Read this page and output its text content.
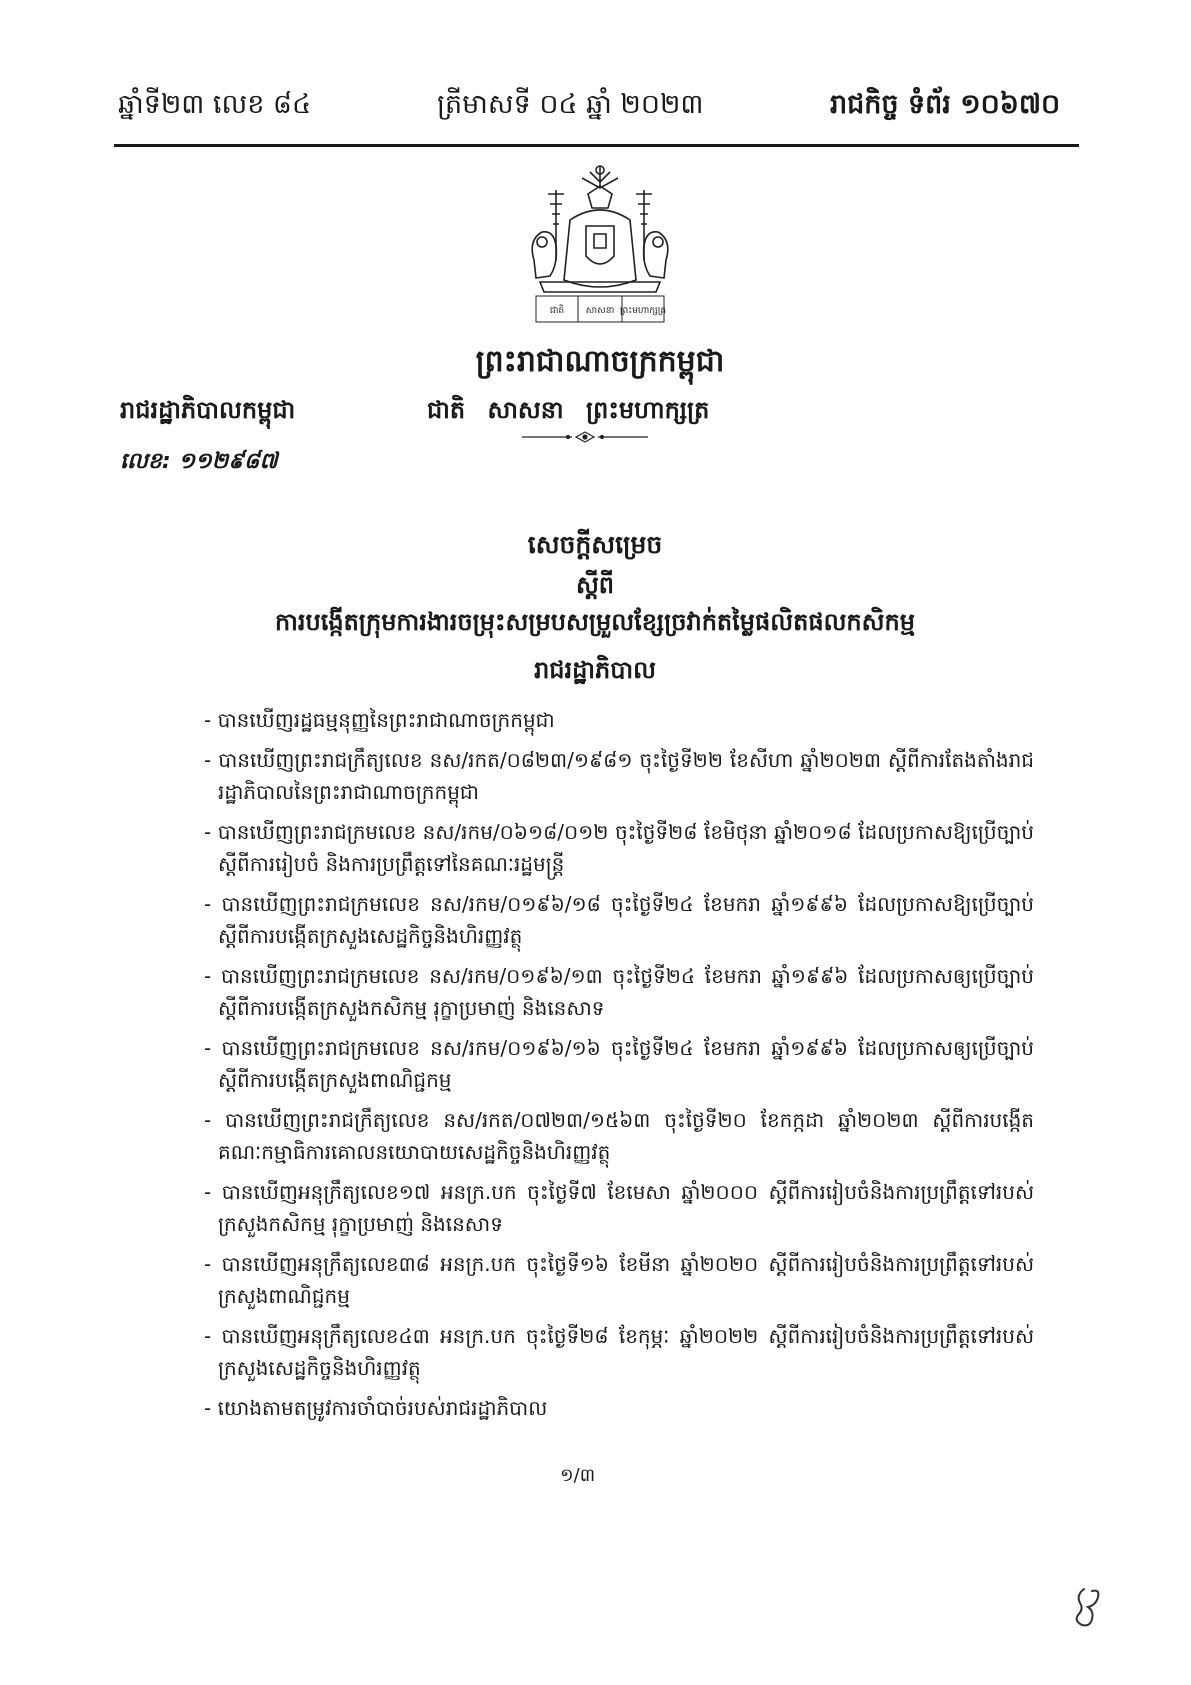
ឆ្នាំទី២៣ លេខ ៨៤	ត្រីមាសទី ០៤ ឆ្នាំ ២០២៣	រាជកិច្ច ទំព័រ ១០៦៧០
ជាតិ សាសនា ព្រះមហាក្សត្រ
ព្រះរាជាណាចក្រកម្ពុជា
រាជរដ្ឋាភិបាលកម្ពុជា	ជាតិ សាសនា ព្រះមហាក្សត្រ
លេខ: ១១២៩៨៧
សេចក្តីសម្រេច
ស្តីពី
ការបង្កើតក្រុមការងារចម្រុះសម្របសម្រួលខ្សែច្រវាក់តម្លៃផលិតផលកសិកម្ម
រាជរដ្ឋាភិបាល
- បានឃើញរដ្ឋធម្មនុញ្ញនៃព្រះរាជាណាចក្រកម្ពុជា
- បានឃើញព្រះរាជក្រឹត្យលេខ នស/រកត/០៨២៣/១៩៨១ ចុះថ្ងៃទី២២ ខែសីហា ឆ្នាំ២០២៣ ស្តីពីការតែងតាំងរាជរដ្ឋាភិបាលនៃព្រះរាជាណាចក្រកម្ពុជា
- បានឃើញព្រះរាជក្រមលេខ នស/រកម/០៦១៨/០១២ ចុះថ្ងៃទី២៨ ខែមិថុនា ឆ្នាំ២០១៨ ដែលប្រកាសឱ្យប្រើច្បាប់ស្តីពីការរៀបចំ និងការប្រព្រឹត្តទៅនៃគណៈរដ្ឋមន្ត្រី
- បានឃើញព្រះរាជក្រមលេខ នស/រកម/០១៩៦/១៨ ចុះថ្ងៃទី២៤ ខែមករា ឆ្នាំ១៩៩៦ ដែលប្រកាសឱ្យប្រើច្បាប់ស្តីពីការបង្កើតក្រសួងសេដ្ឋកិច្ចនិងហិរញ្ញវត្ថុ
- បានឃើញព្រះរាជក្រមលេខ នស/រកម/០១៩៦/១៣ ចុះថ្ងៃទី២៤ ខែមករា ឆ្នាំ១៩៩៦ ដែលប្រកាសឲ្យប្រើច្បាប់ស្តីពីការបង្កើតក្រសួងកសិកម្ម រុក្ខាប្រមាញ់ និងនេសាទ
- បានឃើញព្រះរាជក្រមលេខ នស/រកម/០១៩៦/១៦ ចុះថ្ងៃទី២៤ ខែមករា ឆ្នាំ១៩៩៦ ដែលប្រកាសឲ្យប្រើច្បាប់ស្តីពីការបង្កើតក្រសួងពាណិជ្ជកម្ម
- បានឃើញព្រះរាជក្រឹត្យលេខ នស/រកត/០៧២៣/១៥៦៣ ចុះថ្ងៃទី២០ ខែកក្កដា ឆ្នាំ២០២៣ ស្តីពីការបង្កើតគណៈកម្មាធិការគោលនយោបាយសេដ្ឋកិច្ចនិងហិរញ្ញវត្ថុ
- បានឃើញអនុក្រឹត្យលេខ១៧ អនក្រ.បក ចុះថ្ងៃទី៧ ខែមេសា ឆ្នាំ២០០០ ស្តីពីការរៀបចំនិងការប្រព្រឹត្តទៅរបស់ក្រសួងកសិកម្ម រុក្ខាប្រមាញ់ និងនេសាទ
- បានឃើញអនុក្រឹត្យលេខ៣៨ អនក្រ.បក ចុះថ្ងៃទី១៦ ខែមីនា ឆ្នាំ២០២០ ស្តីពីការរៀបចំនិងការប្រព្រឹត្តទៅរបស់ក្រសួងពាណិជ្ជកម្ម
- បានឃើញអនុក្រឹត្យលេខ៤៣ អនក្រ.បក ចុះថ្ងៃទី២៨ ខែកុម្ភៈ ឆ្នាំ២០២២ ស្តីពីការរៀបចំនិងការប្រព្រឹត្តទៅរបស់ក្រសួងសេដ្ឋកិច្ចនិងហិរញ្ញវត្ថុ
- យោងតាមតម្រូវការចាំបាច់របស់រាជរដ្ឋាភិបាល
១/៣
